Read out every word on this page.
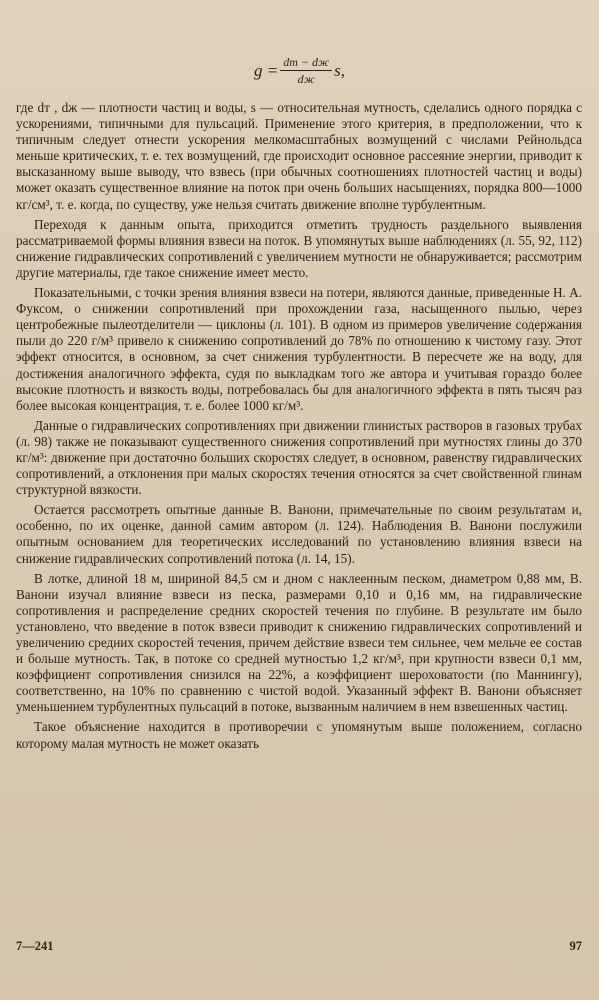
$g = \frac{dт - dж}{dж} s$,

где dт , dж — плотности частиц и воды, s — относительная мутность, сделались одного порядка с ускорениями, типичными для пульсаций. Применение этого критерия, в предположении, что к типичным следует отнести ускорения мелкомасштабных возмущений с числами Рейнольдса меньше критических, т. е. тех возмущений, где происходит основное рассеяние энергии, приводит к высказанному выше выводу, что взвесь (при обычных соотношениях плотностей частиц и воды) может оказать существенное влияние на поток при очень больших насыщениях, порядка 800—1000 кг/см³, т. е. когда, по существу, уже нельзя считать движение вполне турбулентным.

Переходя к данным опыта, приходится отметить трудность раздельного выявления рассматриваемой формы влияния взвеси на поток. В упомянутых выше наблюдениях (л. 55, 92, 112) снижение гидравлических сопротивлений с увеличением мутности не обнаруживается; рассмотрим другие материалы, где такое снижение имеет место.

Показательными, с точки зрения влияния взвеси на потери, являются данные, приведенные Н. А. Фуксом, о снижении сопротивлений при прохождении газа, насыщенного пылью, через центробежные пылеотделители — циклоны (л. 101). В одном из примеров увеличение содержания пыли до 220 г/м³ привело к снижению сопротивлений до 78% по отношению к чистому газу. Этот эффект относится, в основном, за счет снижения турбулентности. В пересчете же на воду, для достижения аналогичного эффекта, судя по выкладкам того же автора и учитывая гораздо более высокие плотность и вязкость воды, потребовалась бы для аналогичного эффекта в пять тысяч раз более высокая концентрация, т. е. более 1000 кг/м³.

Данные о гидравлических сопротивлениях при движении глинистых растворов в газовых трубах (л. 98) также не показывают существенного снижения сопротивлений при мутностях глины до 370 кг/м³: движение при достаточно больших скоростях следует, в основном, равенству гидравлических сопротивлений, а отклонения при малых скоростях течения относятся за счет свойственной глинам структурной вязкости.

Остается рассмотреть опытные данные В. Ванони, примечательные по своим результатам и, особенно, по их оценке, данной самим автором (л. 124). Наблюдения В. Ванони послужили опытным основанием для теоретических исследований по установлению влияния взвеси на снижение гидравлических сопротивлений потока (л. 14, 15).

В лотке, длиной 18 м, шириной 84,5 см и дном с наклеенным песком, диаметром 0,88 мм, В. Ванони изучал влияние взвеси из песка, размерами 0,10 и 0,16 мм, на гидравлические сопротивления и распределение средних скоростей течения по глубине. В результате им было установлено, что введение в поток взвеси приводит к снижению гидравлических сопротивлений и увеличению средних скоростей течения, причем действие взвеси тем сильнее, чем мельче ее состав и больше мутность. Так, в потоке со средней мутностью 1,2 кг/м³, при крупности взвеси 0,1 мм, коэффициент сопротивления снизился на 22%, а коэффициент шероховатости (по Маннингу), соответственно, на 10% по сравнению с чистой водой. Указанный эффект В. Ванони объясняет уменьшением турбулентных пульсаций в потоке, вызванным наличием в нем взвешенных частиц.

Такое объяснение находится в противоречии с упомянутым выше положением, согласно которому малая мутность не может оказать

7—241	97
